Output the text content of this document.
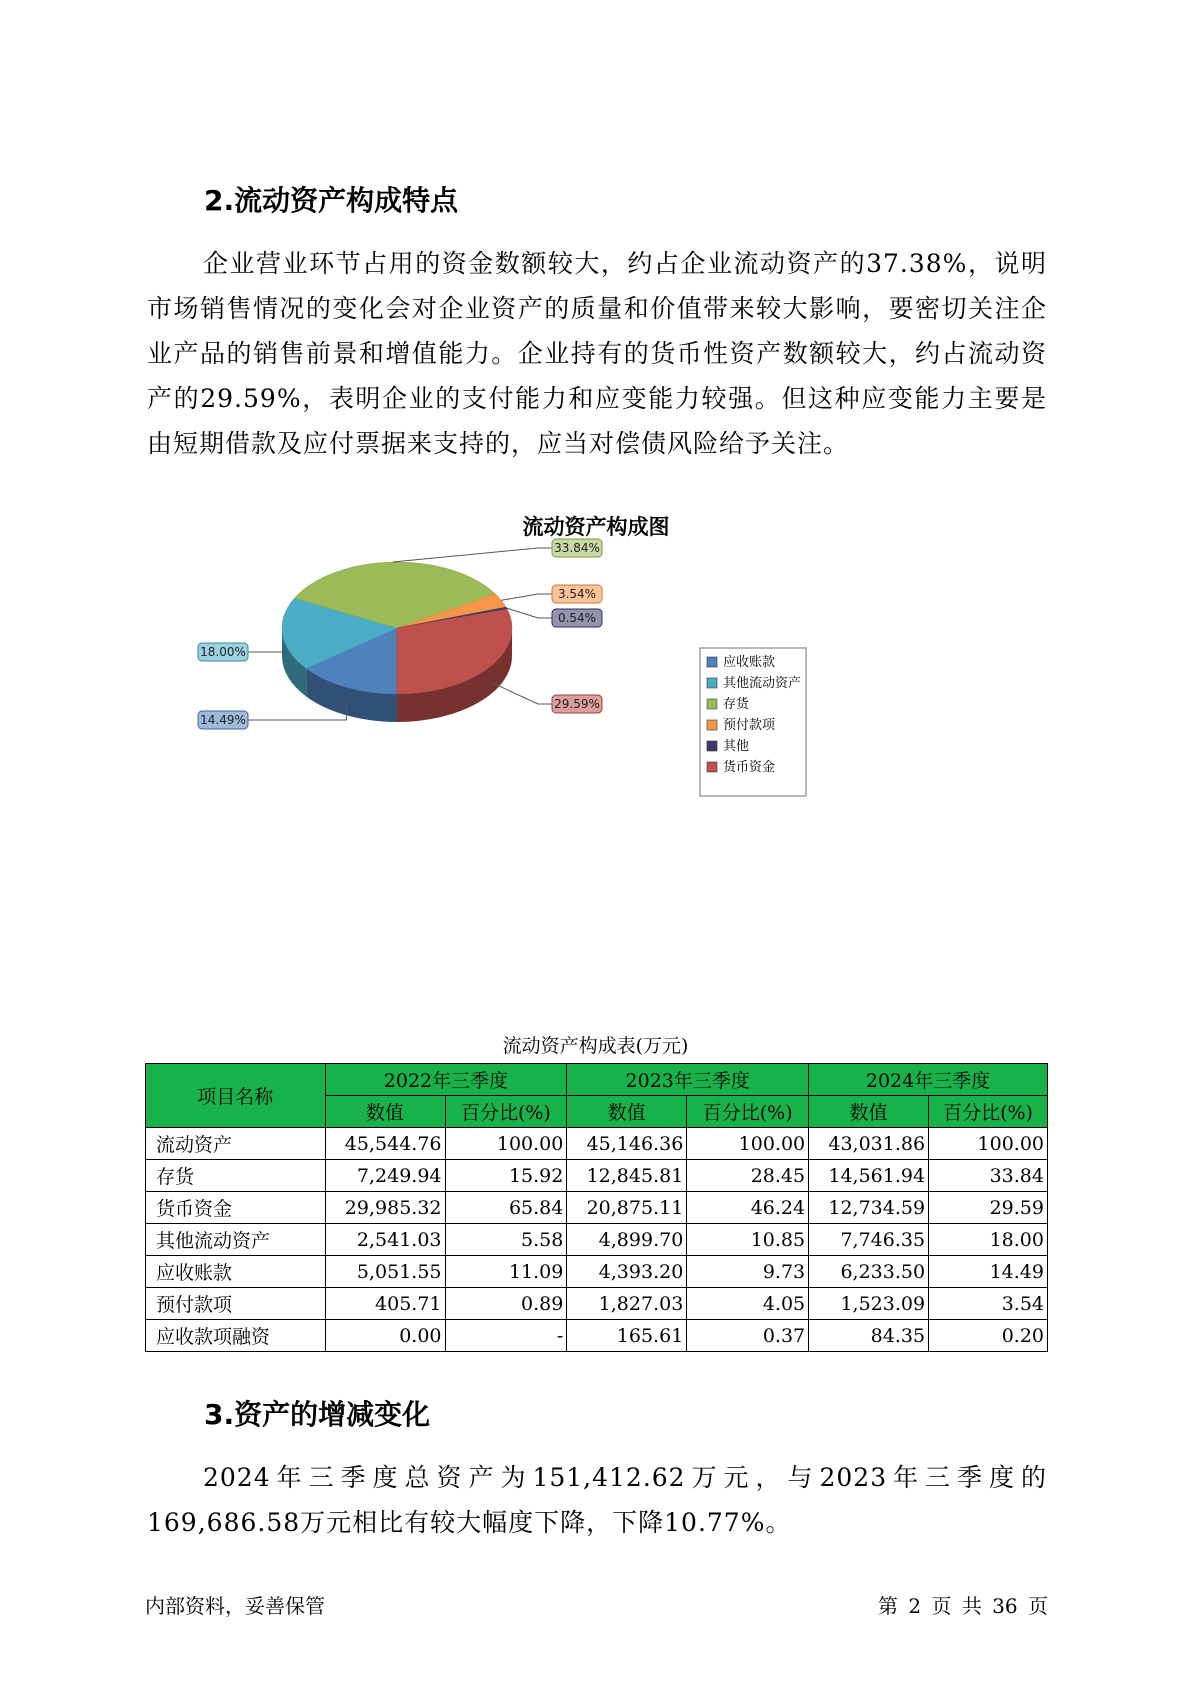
2.流动资产构成特点

企业营业环节占用的资金数额较大，约占企业流动资产的37.38%，说明市场销售情况的变化会对企业资产的质量和价值带来较大影响，要密切关注企业产品的销售前景和增值能力。企业持有的货币性资产数额较大，约占流动资产的29.59%，表明企业的支付能力和应变能力较强。但这种应变能力主要是由短期借款及应付票据来支持的，应当对偿债风险给予关注。

流动资产构成图
14.49%
18.00%
33.84%
3.54%
0.54%
29.59%
应收账款
其他流动资产
存货
预付款项
其他
货币资金
流动资产构成表(万元)
项目名称	2022年三季度		2023年三季度		2024年三季度	
	数值	百分比(%)	数值	百分比(%)	数值	百分比(%)
流动资产	45,544.76	100.00	45,146.36	100.00	43,031.86	100.00
存货	7,249.94	15.92	12,845.81	28.45	14,561.94	33.84
货币资金	29,985.32	65.84	20,875.11	46.24	12,734.59	29.59
其他流动资产	2,541.03	5.58	4,899.70	10.85	7,746.35	18.00
应收账款	5,051.55	11.09	4,393.20	9.73	6,233.50	14.49
预付款项	405.71	0.89	1,827.03	4.05	1,523.09	3.54
应收款项融资	0.00	-	165.61	0.37	84.35	0.20
3.资产的增减变化

2024年三季度总资产为151,412.62万元，与2023年三季度的169,686.58万元相比有较大幅度下降，下降10.77%。

内部资料，妥善保管	第 2 页 共 36 页
